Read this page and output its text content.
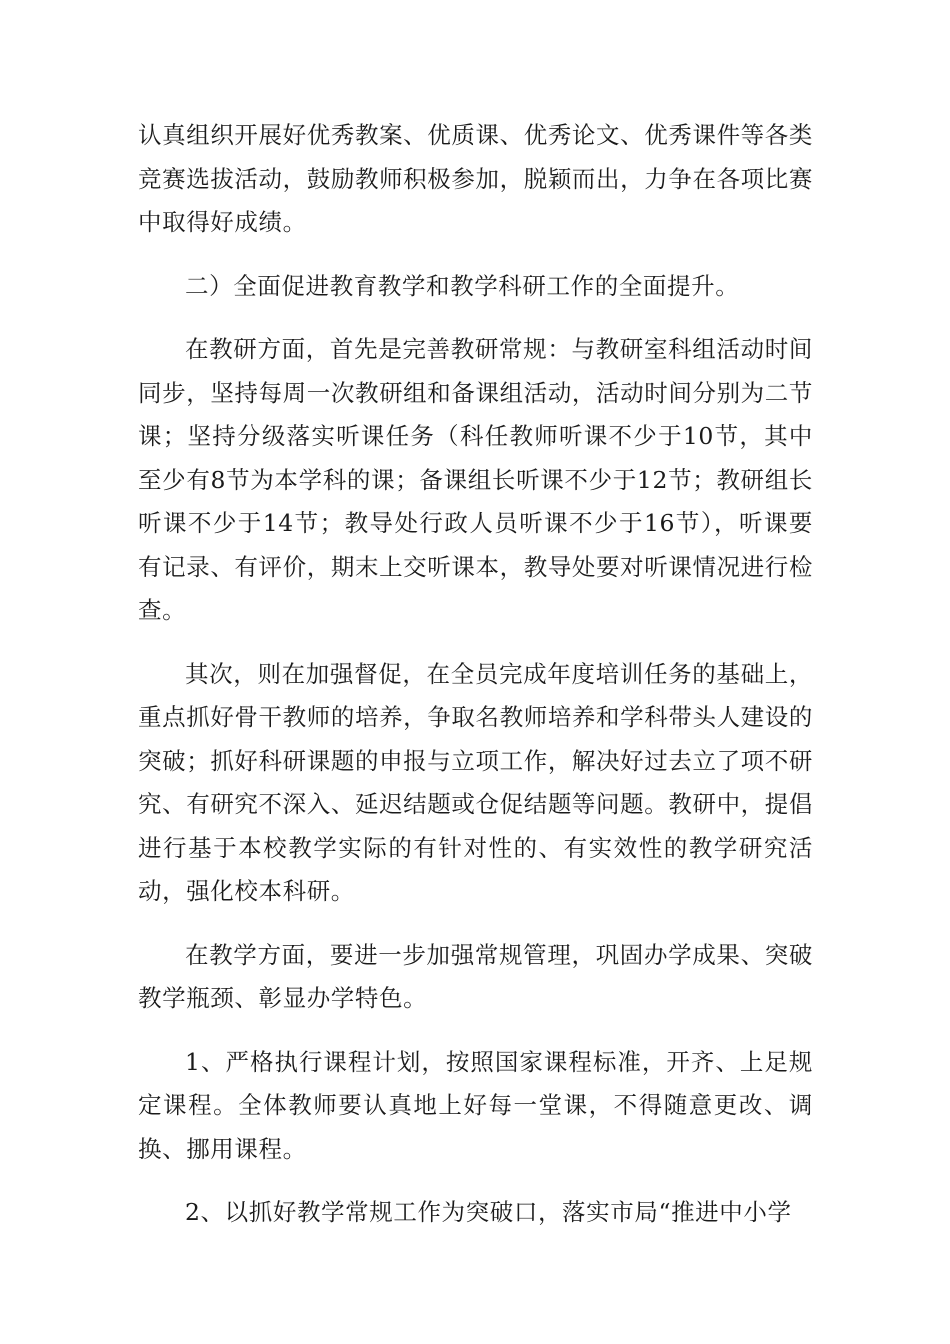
认真组织开展好优秀教案、优质课、优秀论文、优秀课件等各类竞赛选拔活动，鼓励教师积极参加，脱颖而出，力争在各项比赛中取得好成绩。

二）全面促进教育教学和教学科研工作的全面提升。

在教研方面，首先是完善教研常规：与教研室科组活动时间同步，坚持每周一次教研组和备课组活动，活动时间分别为二节课；坚持分级落实听课任务（科任教师听课不少于10节，其中至少有8节为本学科的课；备课组长听课不少于12节；教研组长听课不少于14节；教导处行政人员听课不少于16节），听课要有记录、有评价，期末上交听课本，教导处要对听课情况进行检查。

其次，则在加强督促，在全员完成年度培训任务的基础上，重点抓好骨干教师的培养，争取名教师培养和学科带头人建设的突破；抓好科研课题的申报与立项工作，解决好过去立了项不研究、有研究不深入、延迟结题或仓促结题等问题。教研中，提倡进行基于本校教学实际的有针对性的、有实效性的教学研究活动，强化校本科研。

在教学方面，要进一步加强常规管理，巩固办学成果、突破教学瓶颈、彰显办学特色。

1、严格执行课程计划，按照国家课程标准，开齐、上足规定课程。全体教师要认真地上好每一堂课，不得随意更改、调换、挪用课程。

2、以抓好教学常规工作为突破口，落实市局“推进中小学
